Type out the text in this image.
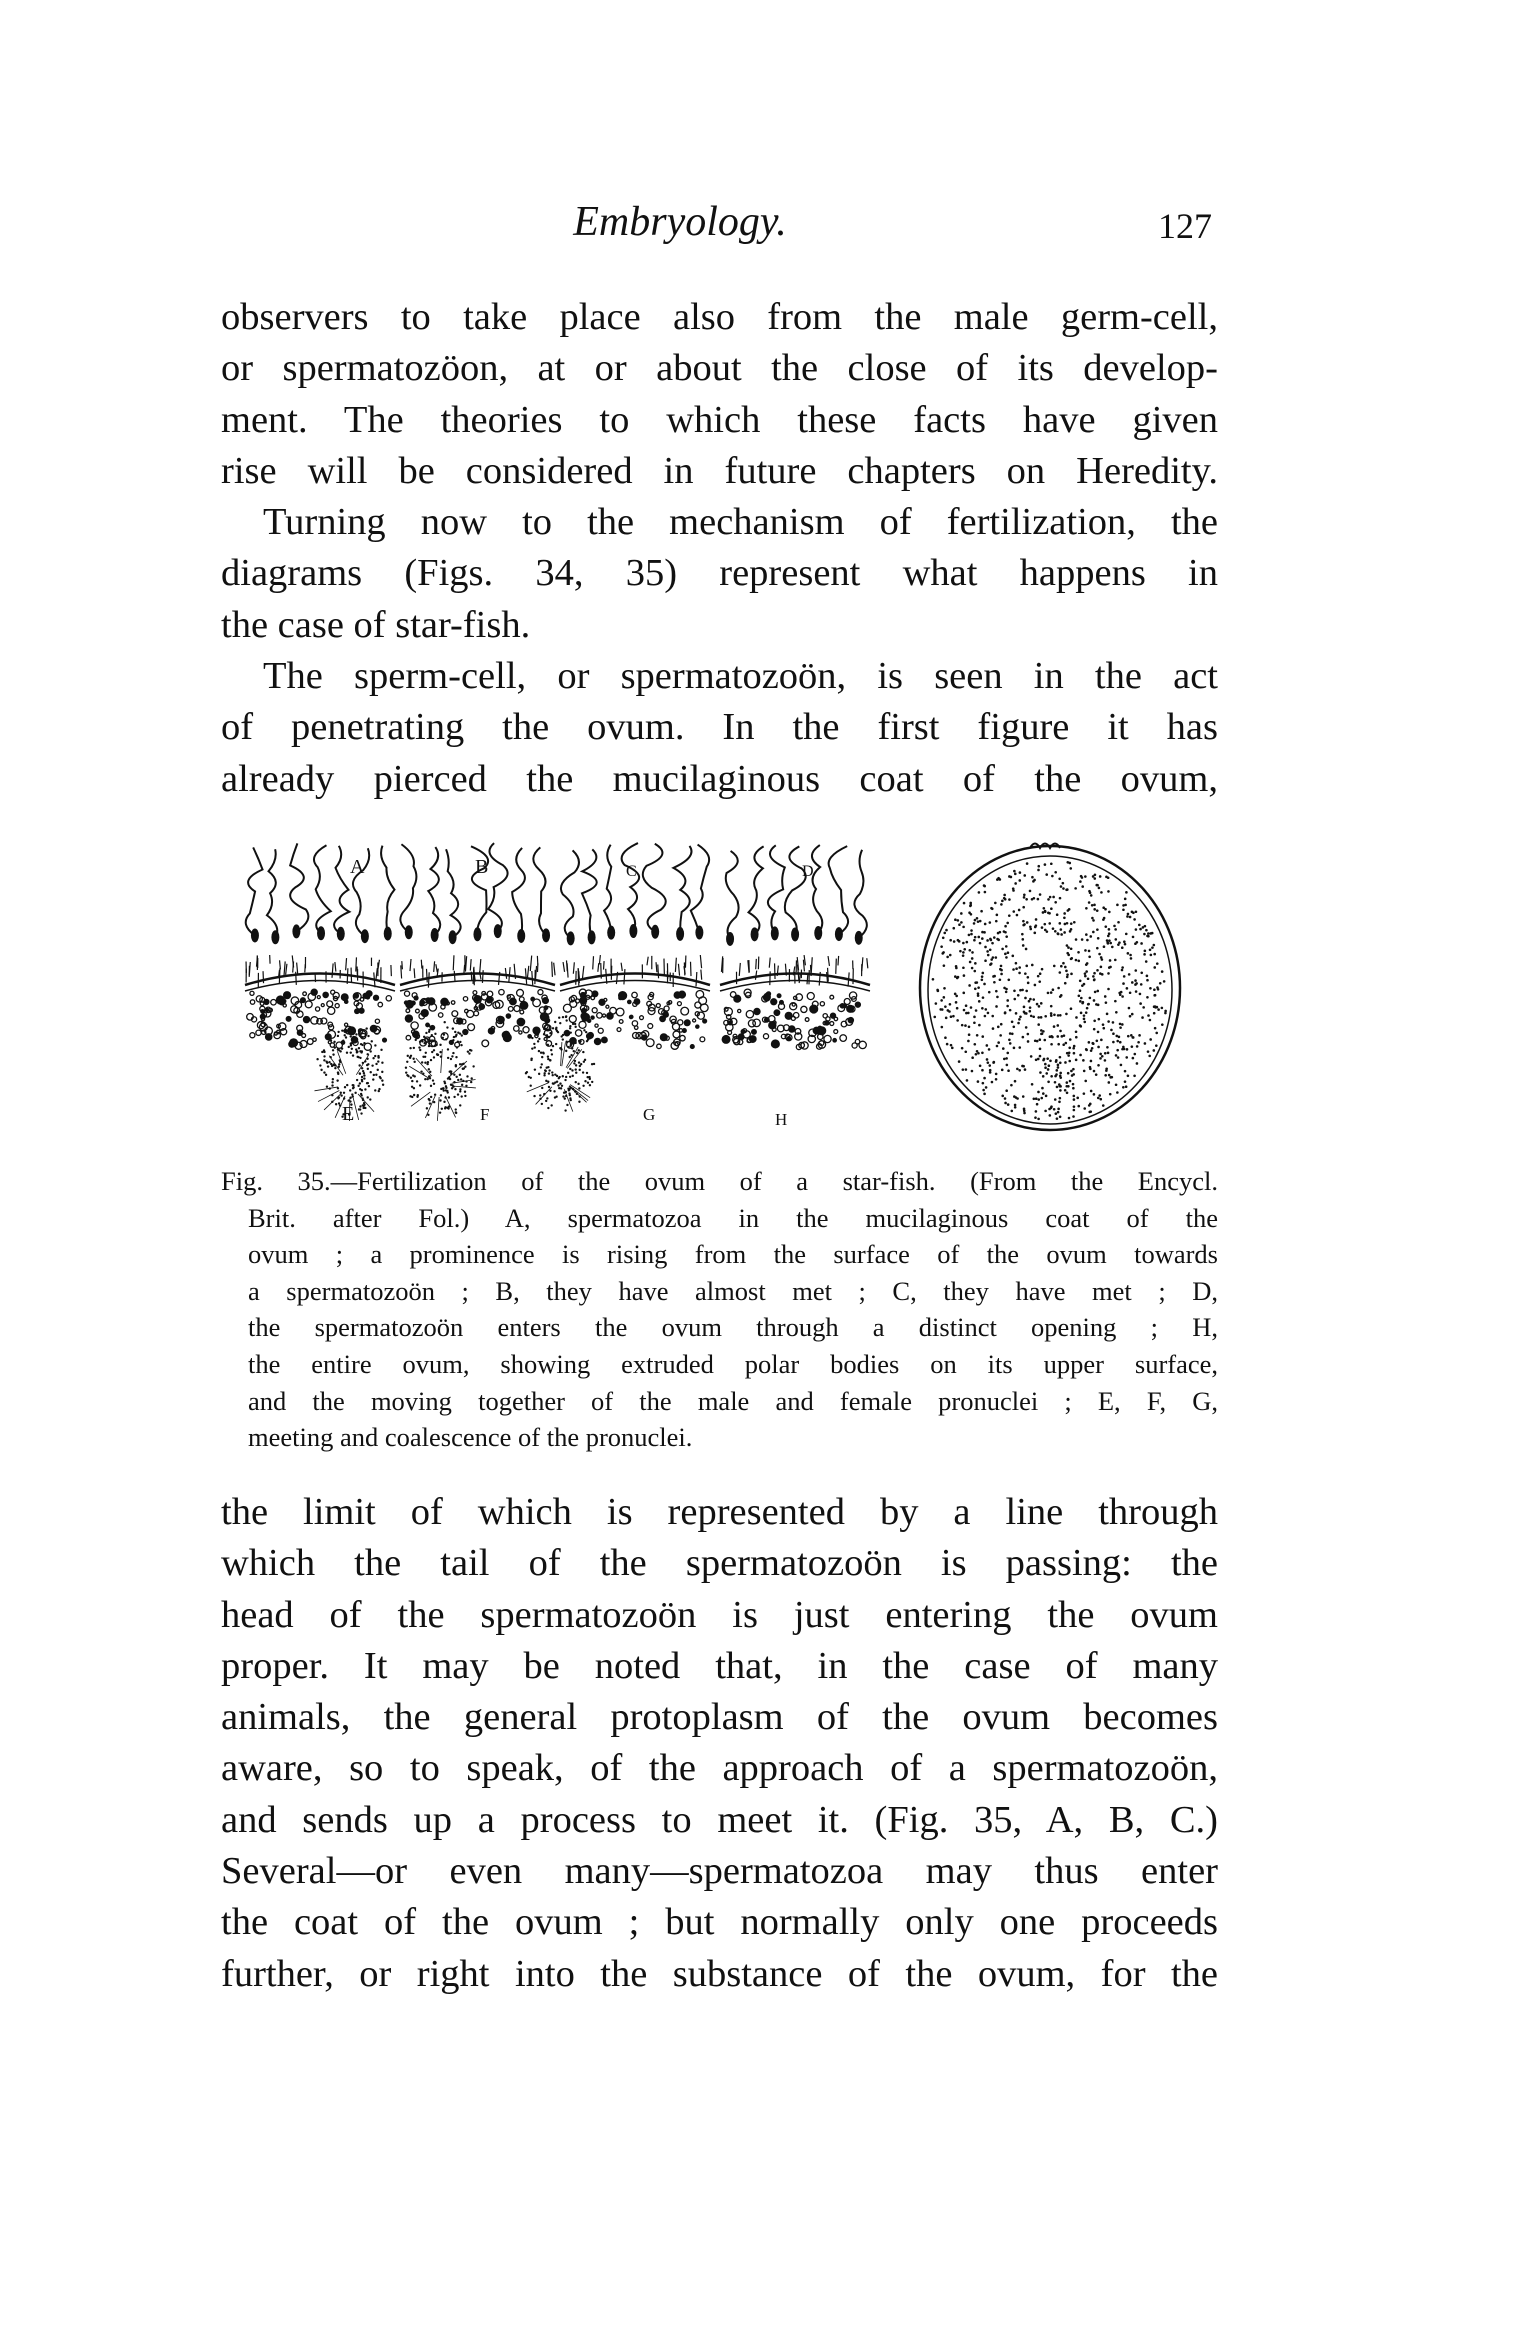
Embryology.	127
observers to take place also from the male germ-cell,
or spermatozöon, at or about the close of its develop-
ment. The theories to which these facts have given
rise will be considered in future chapters on Heredity.
Turning now to the mechanism of fertilization, the
diagrams (Figs. 34, 35) represent what happens in
the case of star-fish.
The sperm-cell, or spermatozoön, is seen in the act
of penetrating the ovum. In the first figure it has
already pierced the mucilaginous coat of the ovum,
A	B	C	D
E	F	G	H
Fig. 35.—Fertilization of the ovum of a star-fish. (From the Encycl.
Brit. after Fol.) A, spermatozoa in the mucilaginous coat of the
ovum ; a prominence is rising from the surface of the ovum towards
a spermatozoön ; B, they have almost met ; C, they have met ; D,
the spermatozoön enters the ovum through a distinct opening ; H,
the entire ovum, showing extruded polar bodies on its upper surface,
and the moving together of the male and female pronuclei ; E, F, G,
meeting and coalescence of the pronuclei.
the limit of which is represented by a line through
which the tail of the spermatozoön is passing: the
head of the spermatozoön is just entering the ovum
proper. It may be noted that, in the case of many
animals, the general protoplasm of the ovum becomes
aware, so to speak, of the approach of a spermatozoön,
and sends up a process to meet it. (Fig. 35, A, B, C.)
Several—or even many—spermatozoa may thus enter
the coat of the ovum ; but normally only one proceeds
further, or right into the substance of the ovum, for the
